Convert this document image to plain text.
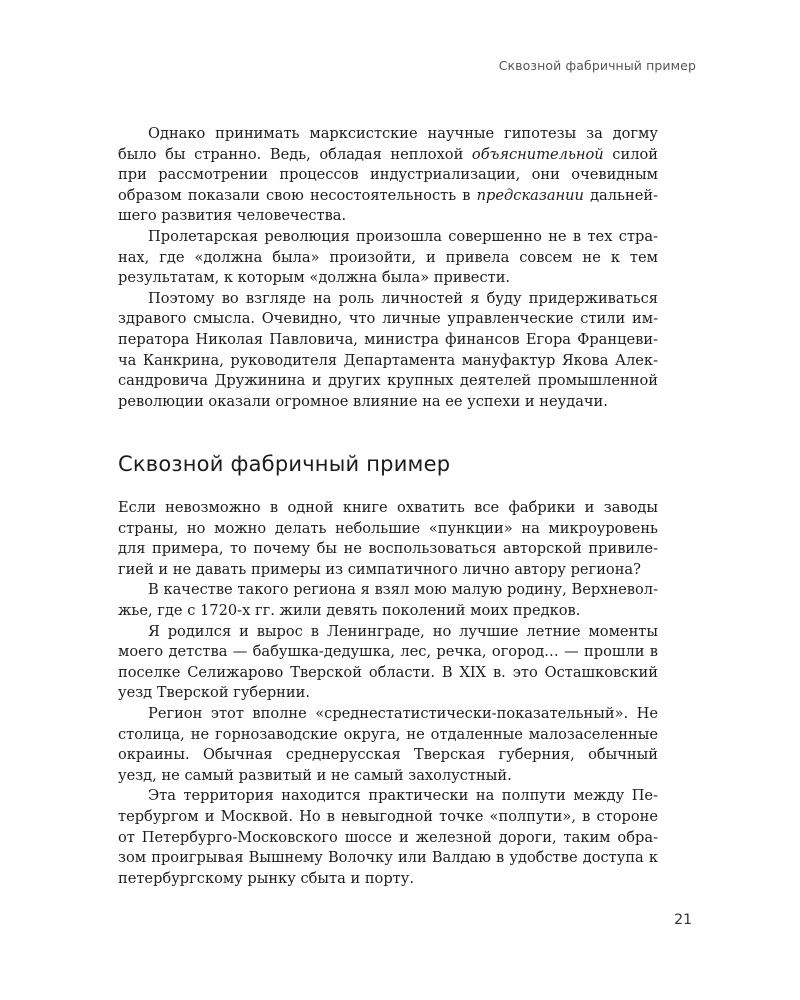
Сквозной фабричный пример

Однако принимать марксистские научные гипотезы за догму было бы странно. Ведь, обладая неплохой объяснительной силой при рассмотрении процессов индустриализации, они очевидным образом показали свою несостоятельность в предсказании дальнейшего развития человечества.

Пролетарская революция произошла совершенно не в тех странах, где «должна была» произойти, и привела совсем не к тем результатам, к которым «должна была» привести.

Поэтому во взгляде на роль личностей я буду придерживаться здравого смысла. Очевидно, что личные управленческие стили императора Николая Павловича, министра финансов Егора Францевича Канкрина, руководителя Департамента мануфактур Якова Александровича Дружинина и других крупных деятелей промышленной революции оказали огромное влияние на ее успехи и неудачи.

Сквозной фабричный пример

Если невозможно в одной книге охватить все фабрики и заводы страны, но можно делать небольшие «пункции» на микроуровень для примера, то почему бы не воспользоваться авторской привилегией и не давать примеры из симпатичного лично автору региона?

В качестве такого региона я взял мою малую родину, Верхневолжье, где с 1720-х гг. жили девять поколений моих предков.

Я родился и вырос в Ленинграде, но лучшие летние моменты моего детства — бабушка-дедушка, лес, речка, огород… — прошли в поселке Селижарово Тверской области. В XIX в. это Осташковский уезд Тверской губернии.

Регион этот вполне «среднестатистически-показательный». Не столица, не горнозаводские округа, не отдаленные малозаселенные окраины. Обычная среднерусская Тверская губерния, обычный уезд, не самый развитый и не самый захолустный.

Эта территория находится практически на полпути между Петербургом и Москвой. Но в невыгодной точке «полпути», в стороне от Петербурго-Московского шоссе и железной дороги, таким образом проигрывая Вышнему Волочку или Валдаю в удобстве доступа к петербургскому рынку сбыта и порту.

21
